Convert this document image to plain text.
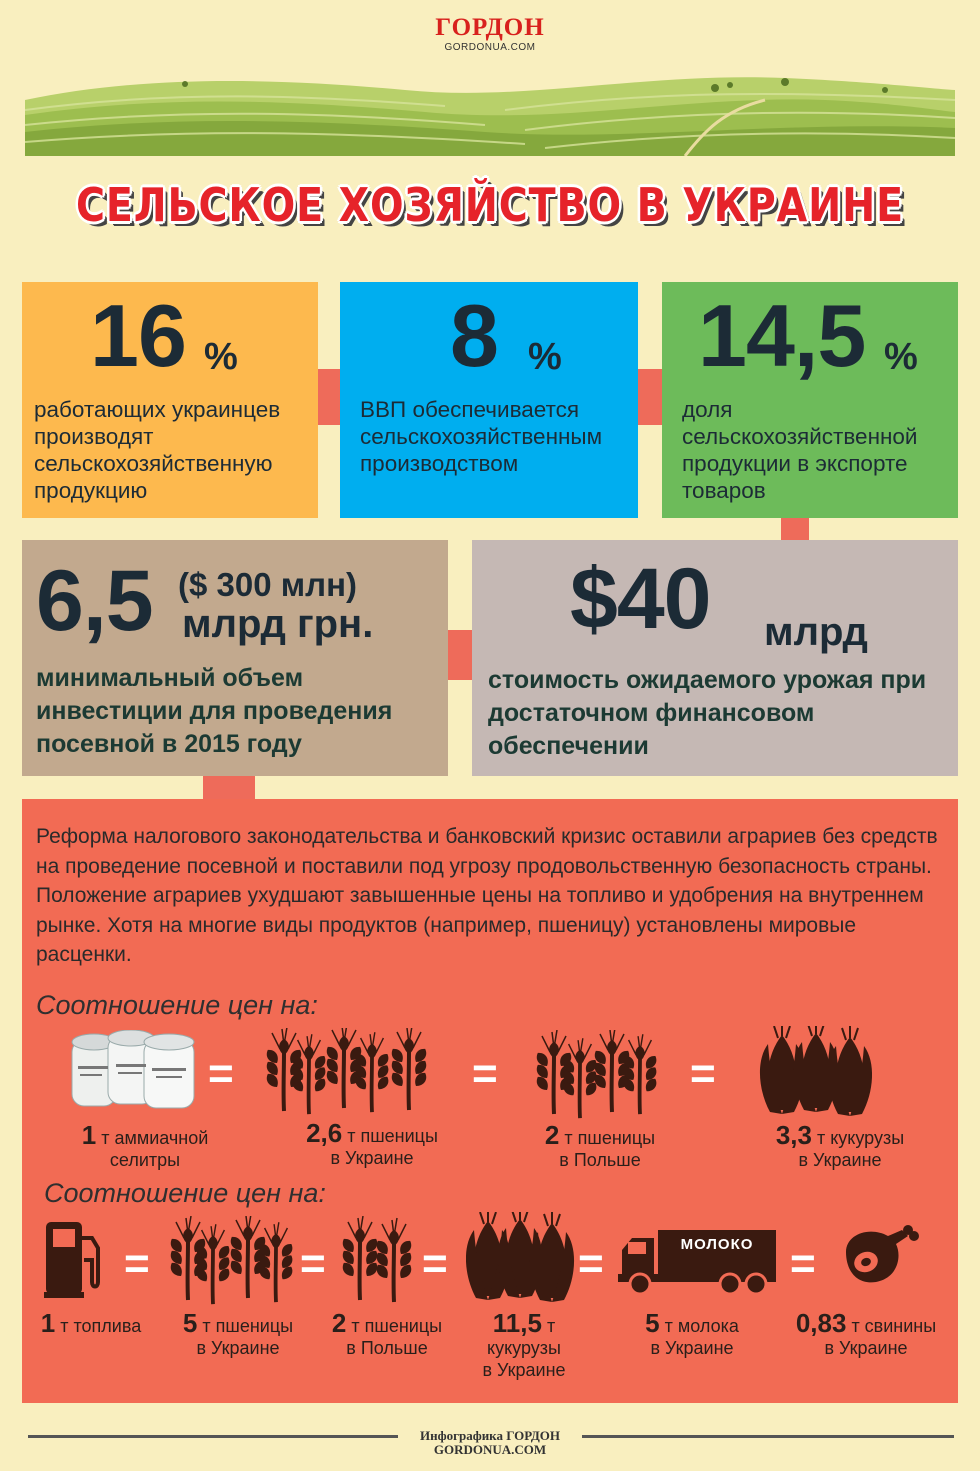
ГОРДОН
GORDONUA.COM
СЕЛЬСКОЕ ХОЗЯЙСТВО В УКРАИНЕ
16 %
работающих украинцев производят сельскохозяйственную продукцию
8 %
ВВП обеспечивается сельскохозяйственным производством
14,5 %
доля сельскохозяйственной продукции в экспорте товаров
6,5 ($ 300 млн)
млрд грн.
минимальный объем инвестиции для проведения посевной в 2015 году
$40 млрд
стоимость ожидаемого урожая при достаточном финансовом обеспечении
Реформа налогового законодательства и банковский кризис оставили аграриев без средств на проведение посевной и поставили под угрозу продовольственную безопасность страны. Положение аграриев ухудшают завышенные цены на топливо и удобрения на внутреннем рынке. Хотя на многие виды продуктов (например, пшеницу) установлены мировые расценки.
Соотношение цен на:
=	=	=
1 т аммиачной
селитры
2,6 т пшеницы
в Украине
2 т пшеницы
в Польше
3,3 т кукурузы
в Украине
Соотношение цен на:
=	= =	=	МОЛОКО =
1 т топлива	5 т пшеницы
в Украине
2 т пшеницы
в Польше
11,5 т
кукурузы
в Украине
5 т молока
в Украине
0,83 т свинины
в Украине
Инфографика ГОРДОН
GORDONUA.COM
